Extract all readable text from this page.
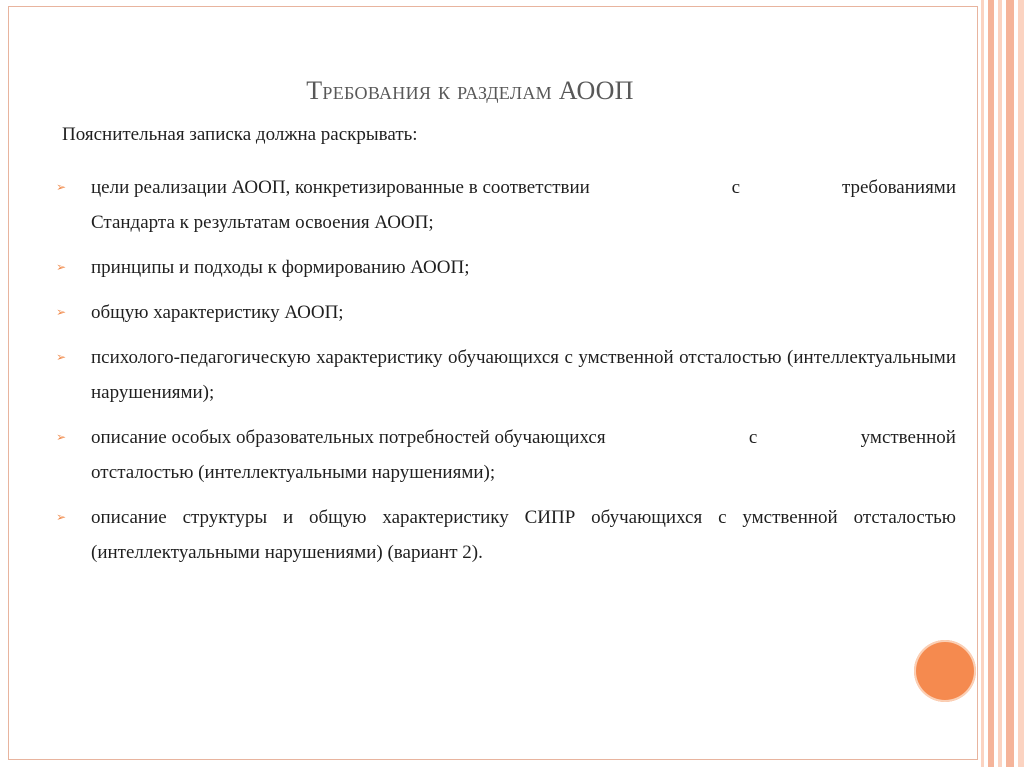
Требования к разделам АООП
Пояснительная записка должна раскрывать:
➢	цели реализации АООП, конкретизированные в соответствии	с	требованиями
Стандарта к результатам освоения АООП;
➢	принципы и подходы к формированию АООП;
➢	общую характеристику АООП;
➢	психолого-педагогическую характеристику обучающихся с умственной отсталостью (интеллектуальными нарушениями);
➢	описание особых образовательных потребностей обучающихся	с	умственной
отсталостью (интеллектуальными нарушениями);
➢	описание структуры и общую характеристику СИПР обучающихся с умственной отсталостью (интеллектуальными нарушениями) (вариант 2).
